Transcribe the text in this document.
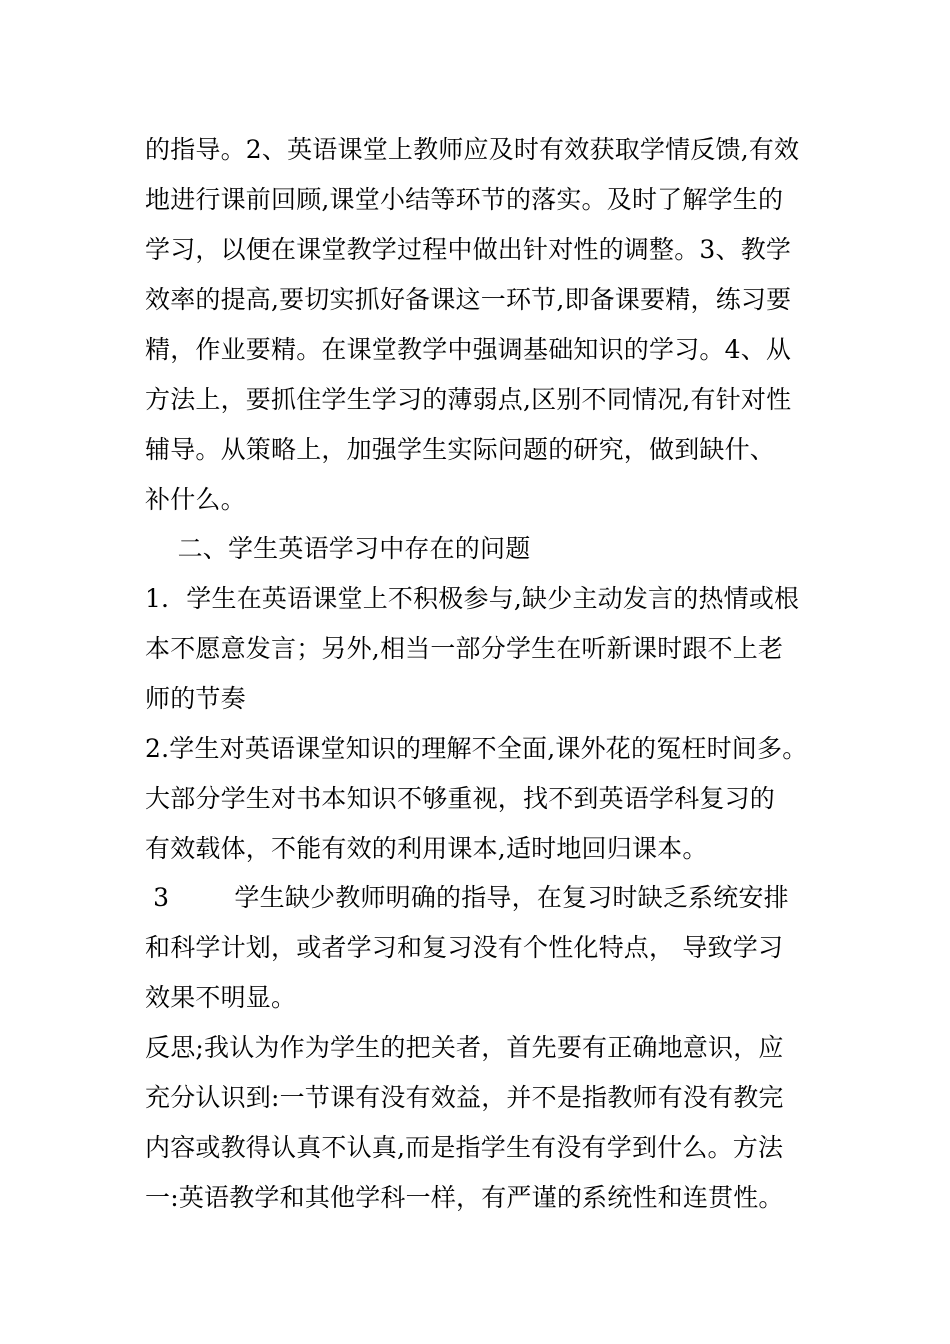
的指导。2、英语课堂上教师应及时有效获取学情反馈,有效
地进行课前回顾,课堂小结等环节的落实。及时了解学生的
学习，以便在课堂教学过程中做出针对性的调整。3、教学
效率的提高,要切实抓好备课这一环节,即备课要精，练习要
精，作业要精。在课堂教学中强调基础知识的学习。4、从
方法上，要抓住学生学习的薄弱点,区别不同情况,有针对性
辅导。从策略上，加强学生实际问题的研究，做到缺什、
补什么。
二、学生英语学习中存在的问题
1．学生在英语课堂上不积极参与,缺少主动发言的热情或根
本不愿意发言；另外,相当一部分学生在听新课时跟不上老
师的节奏
2.学生对英语课堂知识的理解不全面,课外花的冤枉时间多。
大部分学生对书本知识不够重视，找不到英语学科复习的
有效载体，不能有效的利用课本,适时地回归课本。
3        学生缺少教师明确的指导，在复习时缺乏系统安排
和科学计划，或者学习和复习没有个性化特点， 导致学习
效果不明显。
反思;我认为作为学生的把关者，首先要有正确地意识，应
充分认识到:一节课有没有效益，并不是指教师有没有教完
内容或教得认真不认真,而是指学生有没有学到什么。方法
一:英语教学和其他学科一样，有严谨的系统性和连贯性。
